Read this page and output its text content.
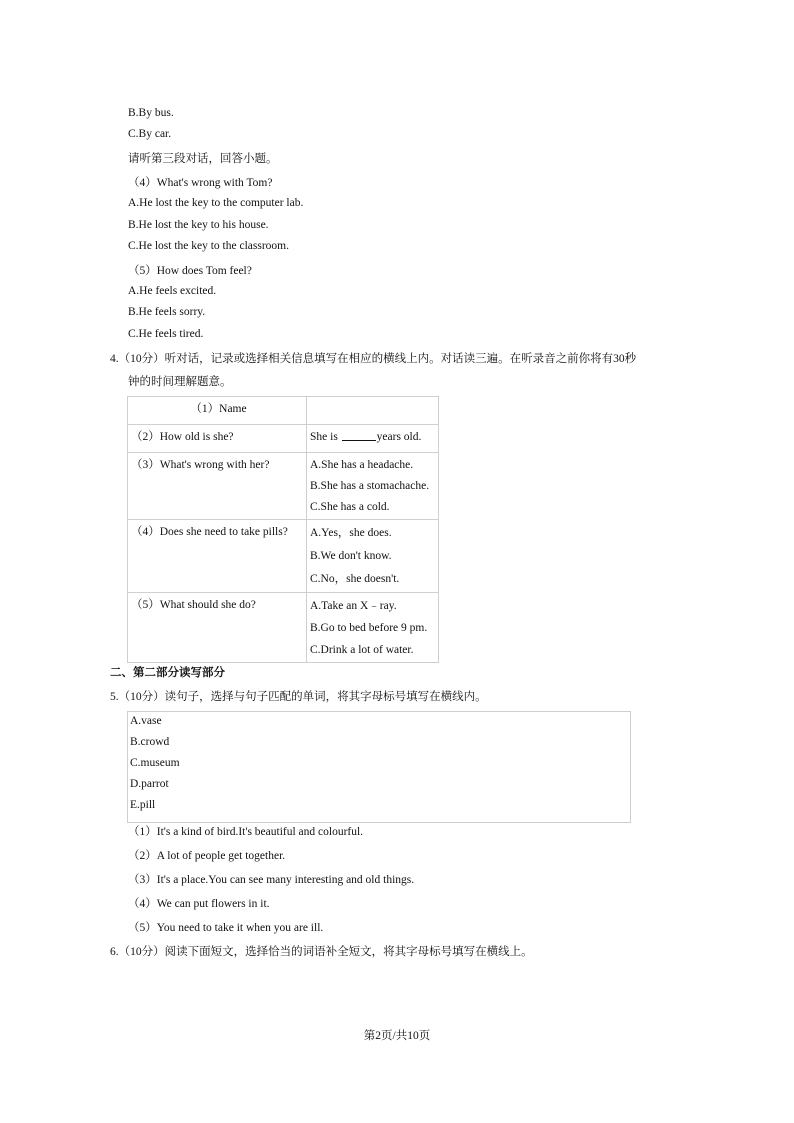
B.By bus.
C.By car.
请听第三段对话，回答小题。
（4）What's wrong with Tom?
A.He lost the key to the computer lab.
B.He lost the key to his house.
C.He lost the key to the classroom.
（5）How does Tom feel?
A.He feels excited.
B.He feels sorry.
C.He feels tired.
4.（10分）听对话，记录或选择相关信息填写在相应的横线上内。对话读三遍。在听录音之前你将有30秒
钟的时间理解题意。
（1）Name	

（2）How old is she?	She is years old.

（3）What's wrong with her?	A.She has a headache.
B.She has a stomachache.
C.She has a cold.

（4）Does she need to take pills?	A.Yes，she does.
B.We don't know.
C.No，she doesn't.

（5）What should she do?	A.Take an X﹣ray.
B.Go to bed before 9 pm.
C.Drink a lot of water.
二、第二部分读写部分
5.（10分）读句子，选择与句子匹配的单词，将其字母标号填写在横线内。
A.vase
B.crowd
C.museum
D.parrot
E.pill
（1）It's a kind of bird.It's beautiful and colourful.
（2）A lot of people get together.
（3）It's a place.You can see many interesting and old things.
（4）We can put flowers in it.
（5）You need to take it when you are ill.
6.（10分）阅读下面短文，选择恰当的词语补全短文，将其字母标号填写在横线上。
第2页/共10页
